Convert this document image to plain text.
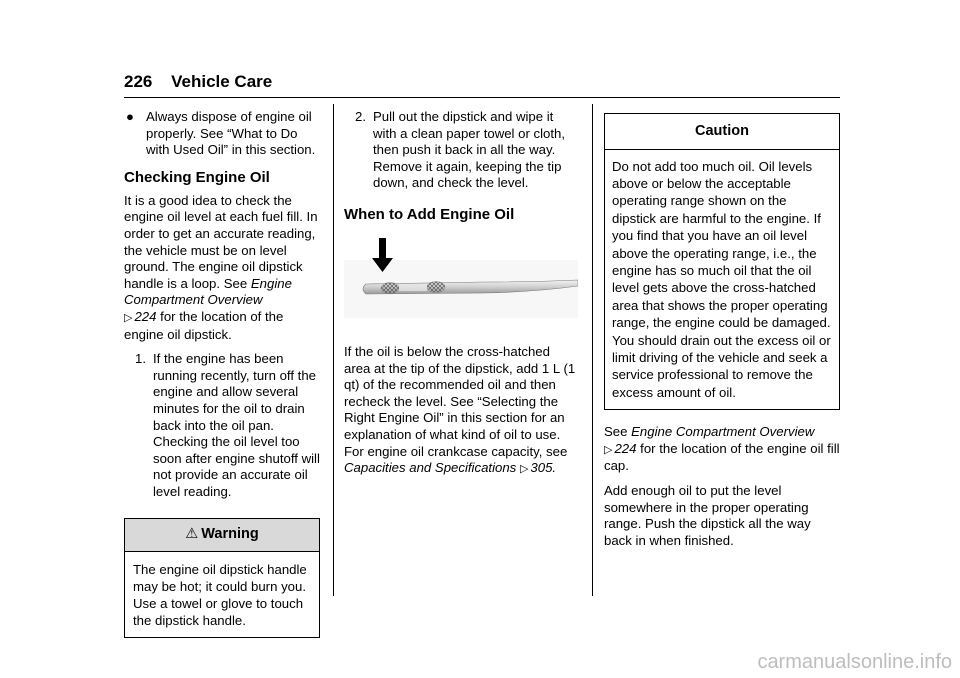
226 Vehicle Care
● Always dispose of engine oil properly. See “What to Do with Used Oil” in this section.
Checking Engine Oil

It is a good idea to check the engine oil level at each fuel fill. In order to get an accurate reading, the vehicle must be on level ground. The engine oil dipstick handle is a loop. See Engine Compartment Overview
▷ 224 for the location of the engine oil dipstick.

1. If the engine has been running recently, turn off the engine and allow several minutes for the oil to drain back into the oil pan. Checking the oil level too soon after engine shutoff will not provide an accurate oil level reading.
⚠ Warning
The engine oil dipstick handle may be hot; it could burn you. Use a towel or glove to touch the dipstick handle.
2. Pull out the dipstick and wipe it with a clean paper towel or cloth, then push it back in all the way. Remove it again, keeping the tip down, and check the level.
When to Add Engine Oil

If the oil is below the cross-hatched area at the tip of the dipstick, add 1 L (1 qt) of the recommended oil and then recheck the level. See “Selecting the Right Engine Oil” in this section for an explanation of what kind of oil to use. For engine oil crankcase capacity, see
Capacities and Specifications ▷ 305.

Caution
Do not add too much oil. Oil levels above or below the acceptable operating range shown on the dipstick are harmful to the engine. If you find that you have an oil level above the operating range, i.e., the engine has so much oil that the oil level gets above the cross-hatched area that shows the proper operating range, the engine could be damaged. You should drain out the excess oil or limit driving of the vehicle and seek a service professional to remove the excess amount of oil.

See Engine Compartment Overview
▷ 224 for the location of the engine oil fill cap.

Add enough oil to put the level somewhere in the proper operating range. Push the dipstick all the way back in when finished.

carmanualsonline.info
